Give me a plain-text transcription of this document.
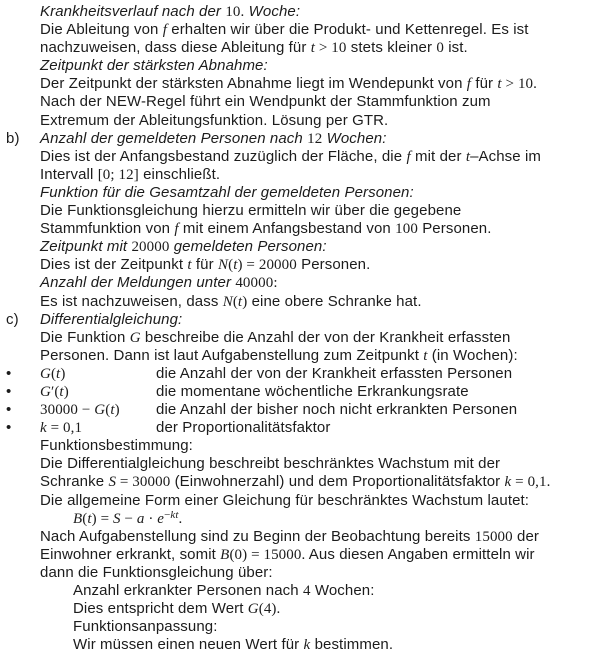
Krankheitsverlauf nach der 10. Woche:
Die Ableitung von f erhalten wir über die Produkt- und Kettenregel. Es ist
nachzuweisen, dass diese Ableitung für t > 10 stets kleiner 0 ist.
Zeitpunkt der stärksten Abnahme:
Der Zeitpunkt der stärksten Abnahme liegt im Wendepunkt von f für t > 10.
Nach der NEW-Regel führt ein Wendpunkt der Stammfunktion zum
Extremum der Ableitungsfunktion. Lösung per GTR.
b)	Anzahl der gemeldeten Personen nach 12 Wochen:
Dies ist der Anfangsbestand zuzüglich der Fläche, die f mit der t–Achse im
Intervall [0; 12] einschließt.
Funktion für die Gesamtzahl der gemeldeten Personen:
Die Funktionsgleichung hierzu ermitteln wir über die gegebene
Stammfunktion von f mit einem Anfangsbestand von 100 Personen.
Zeitpunkt mit 20000 gemeldeten Personen:
Dies ist der Zeitpunkt t für N(t) = 20000 Personen.
Anzahl der Meldungen unter 40000:
Es ist nachzuweisen, dass N(t) eine obere Schranke hat.
c)	Differentialgleichung:
Die Funktion G beschreibe die Anzahl der von der Krankheit erfassten
Personen. Dann ist laut Aufgabenstellung zum Zeitpunkt t (in Wochen):
•	G(t)	die Anzahl der von der Krankheit erfassten Personen
•	G′(t)	die momentane wöchentliche Erkrankungsrate
•	30000 − G(t) die Anzahl der bisher noch nicht erkrankten Personen
•	k = 0,1	der Proportionalitätsfaktor
Funktionsbestimmung:
Die Differentialgleichung beschreibt beschränktes Wachstum mit der
Schranke S = 30000 (Einwohnerzahl) und dem Proportionalitätsfaktor k = 0,1.
Die allgemeine Form einer Gleichung für beschränktes Wachstum lautet:
$B(t) = S - a \cdot e^{-kt}$.
Nach Aufgabenstellung sind zu Beginn der Beobachtung bereits 15000 der
Einwohner erkrankt, somit B(0) = 15000. Aus diesen Angaben ermitteln wir
dann die Funktionsgleichung über:
Anzahl erkrankter Personen nach 4 Wochen:
Dies entspricht dem Wert G(4).
Funktionsanpassung:
Wir müssen einen neuen Wert für k bestimmen.
